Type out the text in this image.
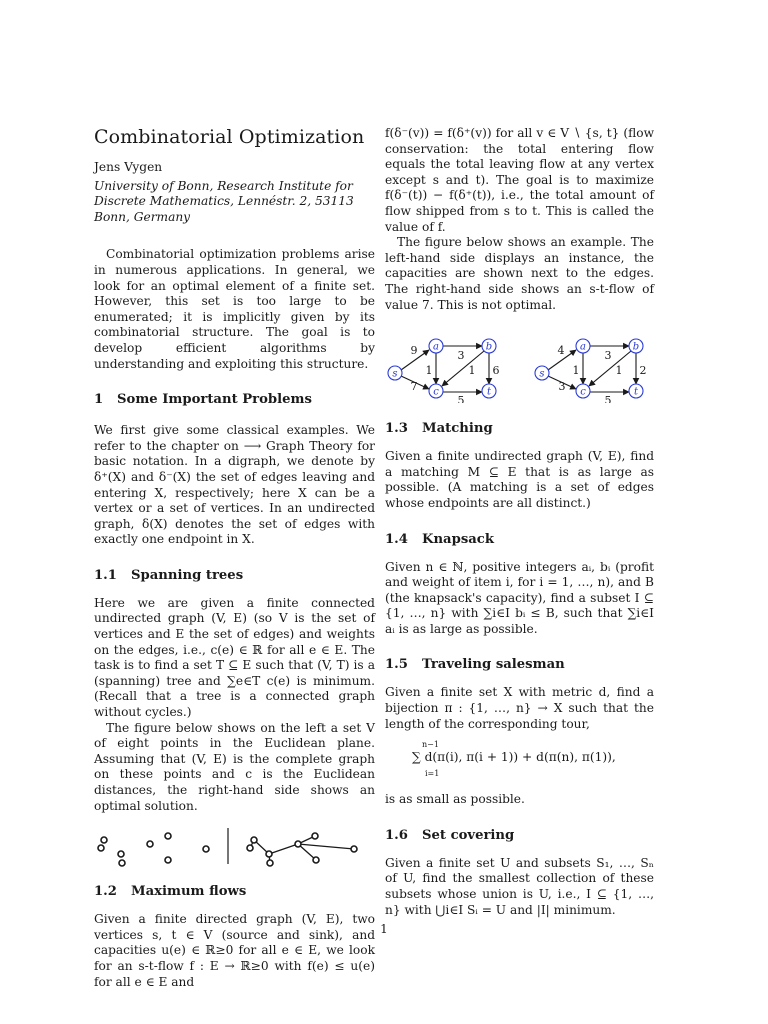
Combinatorial Optimization

Jens Vygen

University of Bonn, Research Institute for Discrete Mathematics, Lennéstr. 2, 53113 Bonn, Germany

Combinatorial optimization problems arise in numerous applications. In general, we look for an optimal element of a finite set. However, this set is too large to be enumerated; it is implicitly given by its combinatorial structure. The goal is to develop efficient algorithms by understanding and exploiting this structure.

1 Some Important Problems

We first give some classical examples. We refer to the chapter on ⟶ Graph Theory for basic notation. In a digraph, we denote by δ⁺(X) and δ⁻(X) the set of edges leaving and entering X, respectively; here X can be a vertex or a set of vertices. In an undirected graph, δ(X) denotes the set of edges with exactly one endpoint in X.

1.1 Spanning trees

Here we are given a finite connected undirected graph (V, E) (so V is the set of vertices and E the set of edges) and weights on the edges, i.e., c(e) ∈ ℝ for all e ∈ E. The task is to find a set T ⊆ E such that (V, T) is a (spanning) tree and ∑e∈T c(e) is minimum. (Recall that a tree is a connected graph without cycles.)

The figure below shows on the left a set V of eight points in the Euclidean plane. Assuming that (V, E) is the complete graph on these points and c is the Euclidean distances, the right-hand side shows an optimal solution.

1.2 Maximum flows

Given a finite directed graph (V, E), two vertices s, t ∈ V (source and sink), and capacities u(e) ∈ ℝ≥0 for all e ∈ E, we look for an s-t-flow f : E → ℝ≥0 with f(e) ≤ u(e) for all e ∈ E and

f(δ⁻(v)) = f(δ⁺(v)) for all v ∈ V ∖ {s, t} (flow conservation: the total entering flow equals the total leaving flow at any vertex except s and t). The goal is to maximize f(δ⁻(t)) − f(δ⁺(t)), i.e., the total amount of flow shipped from s to t. This is called the value of f.

The figure below shows an example. The left-hand side displays an instance, the capacities are shown next to the edges. The right-hand side shows an s-t-flow of value 7. This is not optimal.

s
a	b
c	t
9
7
3
1	1 6
5
s
a	b
c	t
4	3
3
1	1 2
5
1.3 Matching

Given a finite undirected graph (V, E), find a matching M ⊆ E that is as large as possible. (A matching is a set of edges whose endpoints are all distinct.)

1.4 Knapsack

Given n ∈ ℕ, positive integers aᵢ, bᵢ (profit and weight of item i, for i = 1, …, n), and B (the knapsack's capacity), find a subset I ⊆ {1, …, n} with ∑i∈I bᵢ ≤ B, such that ∑i∈I aᵢ is as large as possible.

1.5 Traveling salesman

Given a finite set X with metric d, find a bijection π : {1, …, n} → X such that the length of the corresponding tour,

n−1
i=1
∑ d(π(i), π(i + 1)) + d(π(n), π(1)),

is as small as possible.

1.6 Set covering

Given a finite set U and subsets S₁, …, Sₙ of U, find the smallest collection of these subsets whose union is U, i.e., I ⊆ {1, …, n} with ⋃i∈I Sᵢ = U and |I| minimum.

1
